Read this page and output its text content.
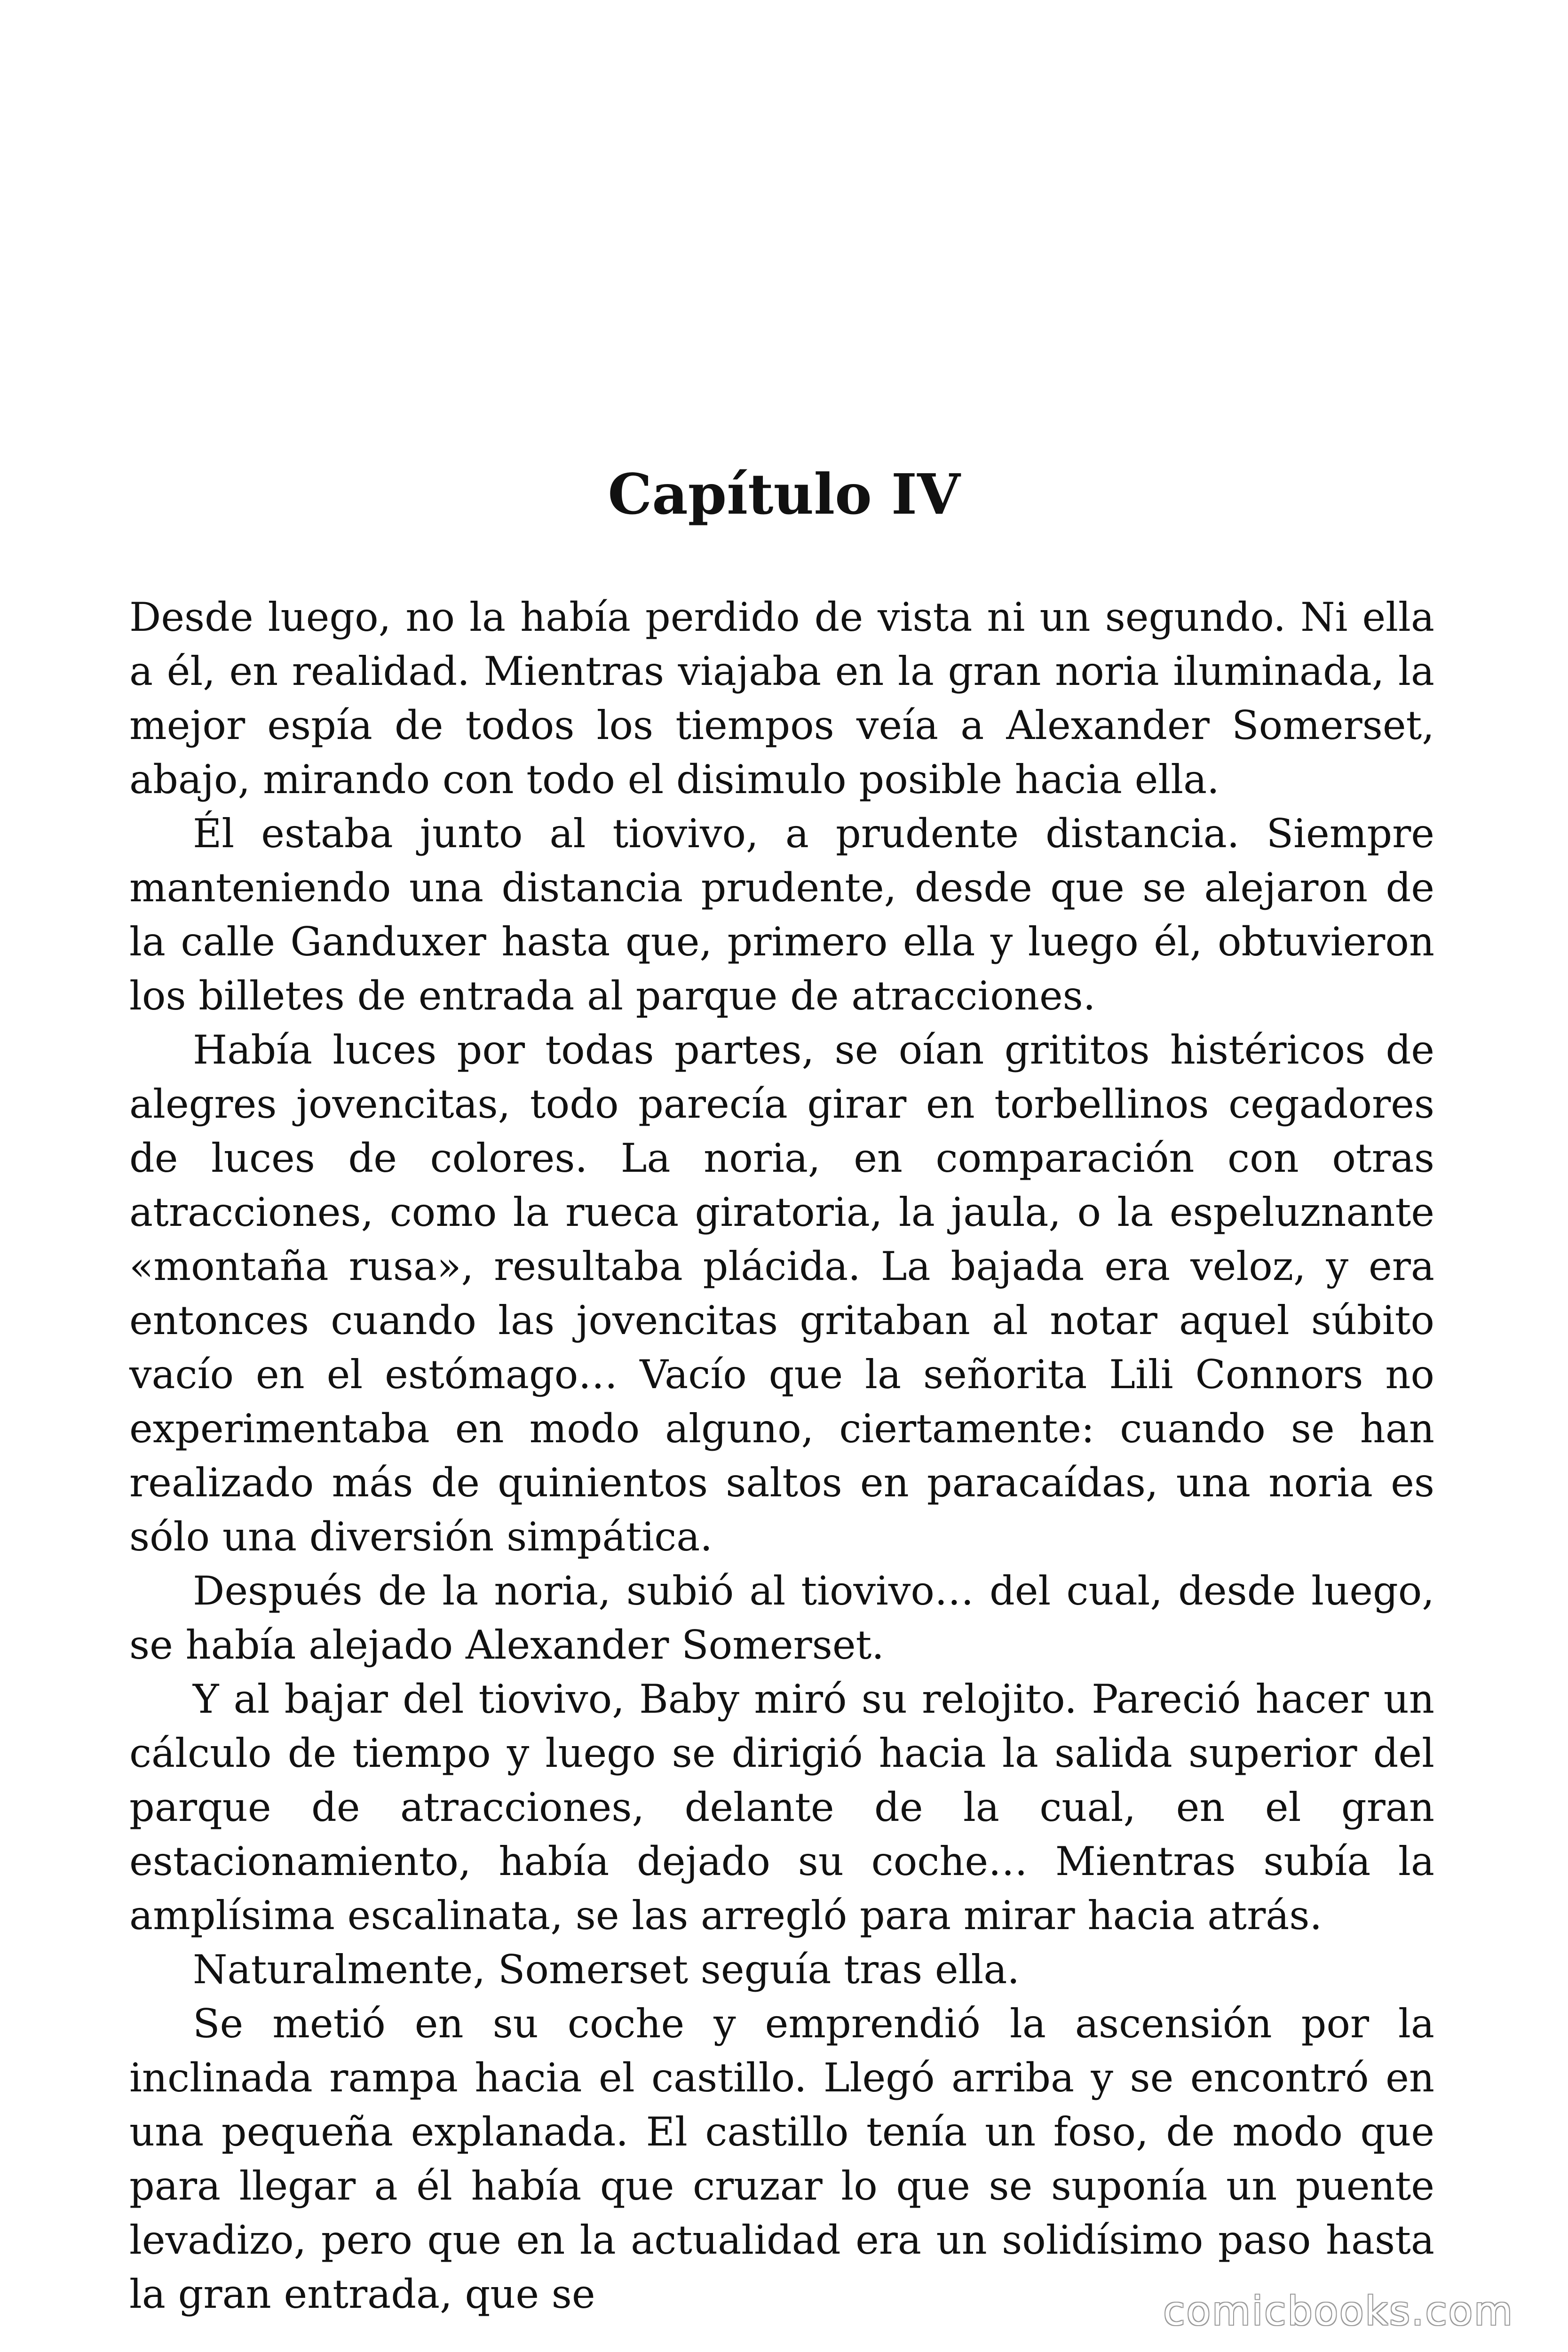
Capítulo IV

Desde luego, no la había perdido de vista ni un segundo. Ni ella a él, en realidad. Mientras viajaba en la gran noria iluminada, la mejor espía de todos los tiempos veía a Alexander Somerset, abajo, mirando con todo el disimulo posible hacia ella.

Él estaba junto al tiovivo, a prudente distancia. Siempre manteniendo una distancia prudente, desde que se alejaron de la calle Ganduxer hasta que, primero ella y luego él, obtuvieron los billetes de entrada al parque de atracciones.

Había luces por todas partes, se oían grititos histéricos de alegres jovencitas, todo parecía girar en torbellinos cegadores de luces de colores. La noria, en comparación con otras atracciones, como la rueca giratoria, la jaula, o la espeluznante «montaña rusa», resultaba plácida. La bajada era veloz, y era entonces cuando las jovencitas gritaban al notar aquel súbito vacío en el estómago… Vacío que la señorita Lili Connors no experimentaba en modo alguno, ciertamente: cuando se han realizado más de quinientos saltos en paracaídas, una noria es sólo una diversión simpática.

Después de la noria, subió al tiovivo… del cual, desde luego, se había alejado Alexander Somerset.

Y al bajar del tiovivo, Baby miró su relojito. Pareció hacer un cálculo de tiempo y luego se dirigió hacia la salida superior del parque de atracciones, delante de la cual, en el gran estacionamiento, había dejado su coche… Mientras subía la amplísima escalinata, se las arregló para mirar hacia atrás.

Naturalmente, Somerset seguía tras ella.

Se metió en su coche y emprendió la ascensión por la inclinada rampa hacia el castillo. Llegó arriba y se encontró en una pequeña explanada. El castillo tenía un foso, de modo que para llegar a él había que cruzar lo que se suponía un puente levadizo, pero que en la actualidad era un solidísimo paso hasta la gran entrada, que se	comicbooks.com
